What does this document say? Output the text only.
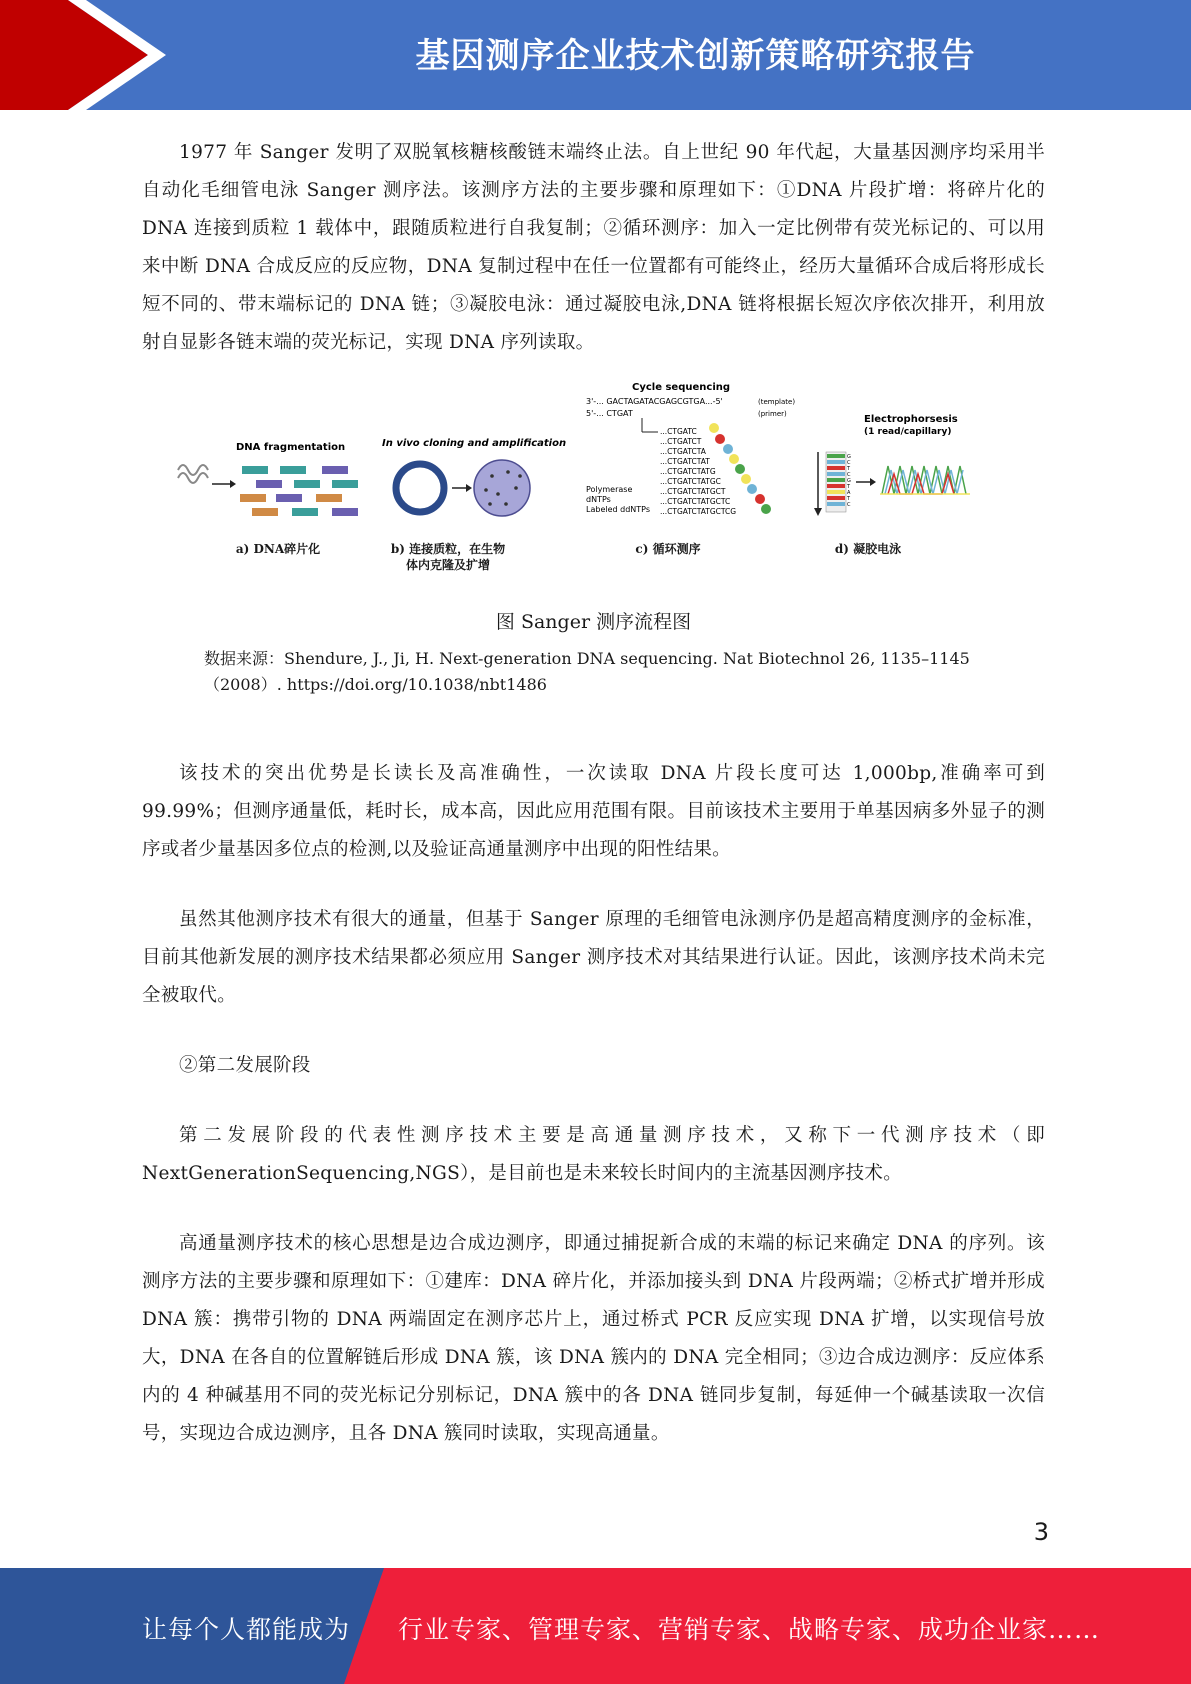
基因测序企业技术创新策略研究报告

1977 年 Sanger 发明了双脱氧核糖核酸链末端终止法。自上世纪 90 年代起，大量基因测序均采用半自动化毛细管电泳 Sanger 测序法。该测序方法的主要步骤和原理如下：①DNA 片段扩增：将碎片化的 DNA 连接到质粒 1 载体中，跟随质粒进行自我复制；②循环测序：加入一定比例带有荧光标记的、可以用来中断 DNA 合成反应的反应物，DNA 复制过程中在任一位置都有可能终止，经历大量循环合成后将形成长短不同的、带末端标记的 DNA 链；③凝胶电泳：通过凝胶电泳,DNA 链将根据长短次序依次排开，利用放射自显影各链末端的荧光标记，实现 DNA 序列读取。

DNA fragmentation	In vivo cloning and amplification
Cycle sequencing
3'-... GACTAGATACGAGCGTGA...-5'	(template)
5'-... CTGAT	(primer)
Polymerase
dNTPs
Labeled ddNTPs
...CTGATC
...CTGATCT
...CTGATCTA
...CTGATCTAT
...CTGATCTATG
...CTGATCTATGC
...CTGATCTATGCT
...CTGATCTATGCTC
...CTGATCTATGCTCG
Electrophorsesis
(1 read/capillary)
G
C
T
C
G
T
A
T
C
a) DNA碎片化	b) 连接质粒，在生物
体内克隆及扩增
c) 循环测序	d) 凝胶电泳
图 Sanger 测序流程图
数据来源：Shendure, J., Ji, H. Next-generation DNA sequencing. Nat Biotechnol 26, 1135–1145
（2008）. https://doi.org/10.1038/nbt1486

该技术的突出优势是长读长及高准确性，一次读取 DNA 片段长度可达 1,000bp,准确率可到 99.99%；但测序通量低，耗时长，成本高，因此应用范围有限。目前该技术主要用于单基因病多外显子的测序或者少量基因多位点的检测,以及验证高通量测序中出现的阳性结果。

虽然其他测序技术有很大的通量，但基于 Sanger 原理的毛细管电泳测序仍是超高精度测序的金标准，目前其他新发展的测序技术结果都必须应用 Sanger 测序技术对其结果进行认证。因此，该测序技术尚未完全被取代。

②第二发展阶段

第二发展阶段的代表性测序技术主要是高通量测序技术，又称下一代测序技术（即 NextGenerationSequencing,NGS），是目前也是未来较长时间内的主流基因测序技术。

高通量测序技术的核心思想是边合成边测序，即通过捕捉新合成的末端的标记来确定 DNA 的序列。该测序方法的主要步骤和原理如下：①建库：DNA 碎片化，并添加接头到 DNA 片段两端；②桥式扩增并形成 DNA 簇：携带引物的 DNA 两端固定在测序芯片上，通过桥式 PCR 反应实现 DNA 扩增，以实现信号放大，DNA 在各自的位置解链后形成 DNA 簇，该 DNA 簇内的 DNA 完全相同；③边合成边测序：反应体系内的 4 种碱基用不同的荧光标记分别标记，DNA 簇中的各 DNA 链同步复制，每延伸一个碱基读取一次信号，实现边合成边测序，且各 DNA 簇同时读取，实现高通量。

3
让每个人都能成为 行业专家、管理专家、营销专家、战略专家、成功企业家……
